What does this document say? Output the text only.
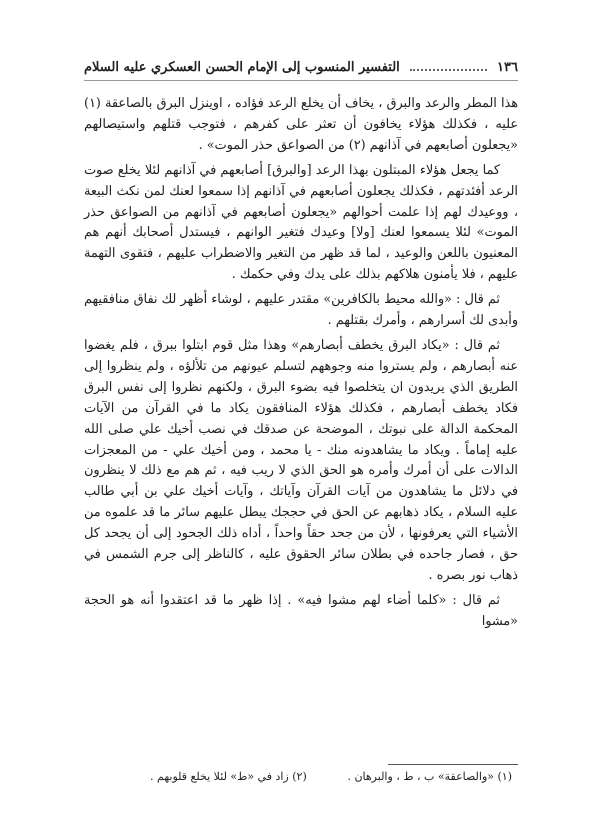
١٣٦
التفسير المنسوب إلى الإمام الحسن العسكري عليه السلام

هذا المطر والرعد والبرق ، يخاف أن يخلع الرعد فؤاده ، اوينزل البرق بالصاعقة (١) عليه ، فكذلك هؤلاء يخافون أن تعثر على كفرهم ، فتوجب قتلهم واستيصالهم «يجعلون أصابعهم في آذانهم (٢) من الصواعق حذر الموت» .

كما يجعل هؤلاء المبتلون بهذا الرعد [والبرق] أصابعهم في آذانهم لئلا يخلع صوت الرعد أفئدتهم ، فكذلك يجعلون أصابعهم في آذانهم إذا سمعوا لعنك لمن نكث البيعة ، ووعيدك لهم إذا علمت أحوالهم «يجعلون أصابعهم في آذانهم من الصواعق حذر الموت» لئلا يسمعوا لعنك [ولا] وعيدك فتغير الوانهم ، فيستدل أصحابك أنهم هم المعنيون باللعن والوعيد ، لما قد ظهر من التغير والاضطراب عليهم ، فتقوى التهمة عليهم ، فلا يأمنون هلاكهم بذلك على يدك وفي حكمك .

ثم قال : «والله محيط بالكافرين» مقتدر عليهم ، لوشاء أظهر لك نفاق منافقيهم وأبدى لك أسرارهم ، وأمرك بقتلهم .

ثم قال : «يكاد البرق يخطف أبصارهم» وهذا مثل قوم ابتلوا ببرق ، فلم يغضوا عنه أبصارهم ، ولم يستروا منه وجوههم لتسلم عيونهم من تلألؤه ، ولم ينظروا إلى الطريق الذي يريدون ان يتخلصوا فيه بضوء البرق ، ولكنهم نظروا إلى نفس البرق فكاد يخطف أبصارهم ، فكذلك هؤلاء المنافقون يكاد ما في القرآن من الآيات المحكمة الدالة على نبوتك ، الموضحة عن صدقك في نصب أخيك علي صلى الله عليه إماماً . ويكاد ما يشاهدونه منك - يا محمد ، ومن أخيك علي - من المعجزات الدالات على أن أمرك وأمره هو الحق الذي لا ريب فيه ، ثم هم مع ذلك لا ينظرون في دلائل ما يشاهدون من آيات القرآن وآياتك ، وآيات أخيك علي بن أبي طالب عليه السلام ، يكاد ذهابهم عن الحق في حججك يبطل عليهم سائر ما قد علموه من الأشياء التي يعرفونها ، لأن من جحد حقاً واحداً ، أداه ذلك الجحود إلى أن يجحد كل حق ، فصار جاحده في بطلان سائر الحقوق عليه ، كالناظر إلى جرم الشمس في ذهاب نور بصره .

ثم قال : «كلما أضاء لهم مشوا فيه» . إذا ظهر ما قد اعتقدوا أنه هو الحجة «مشوا

(١) «والصاعقة» ب ، ط ، والبرهان .
(٢) زاد في «ط» لئلا يخلع قلوبهم .
